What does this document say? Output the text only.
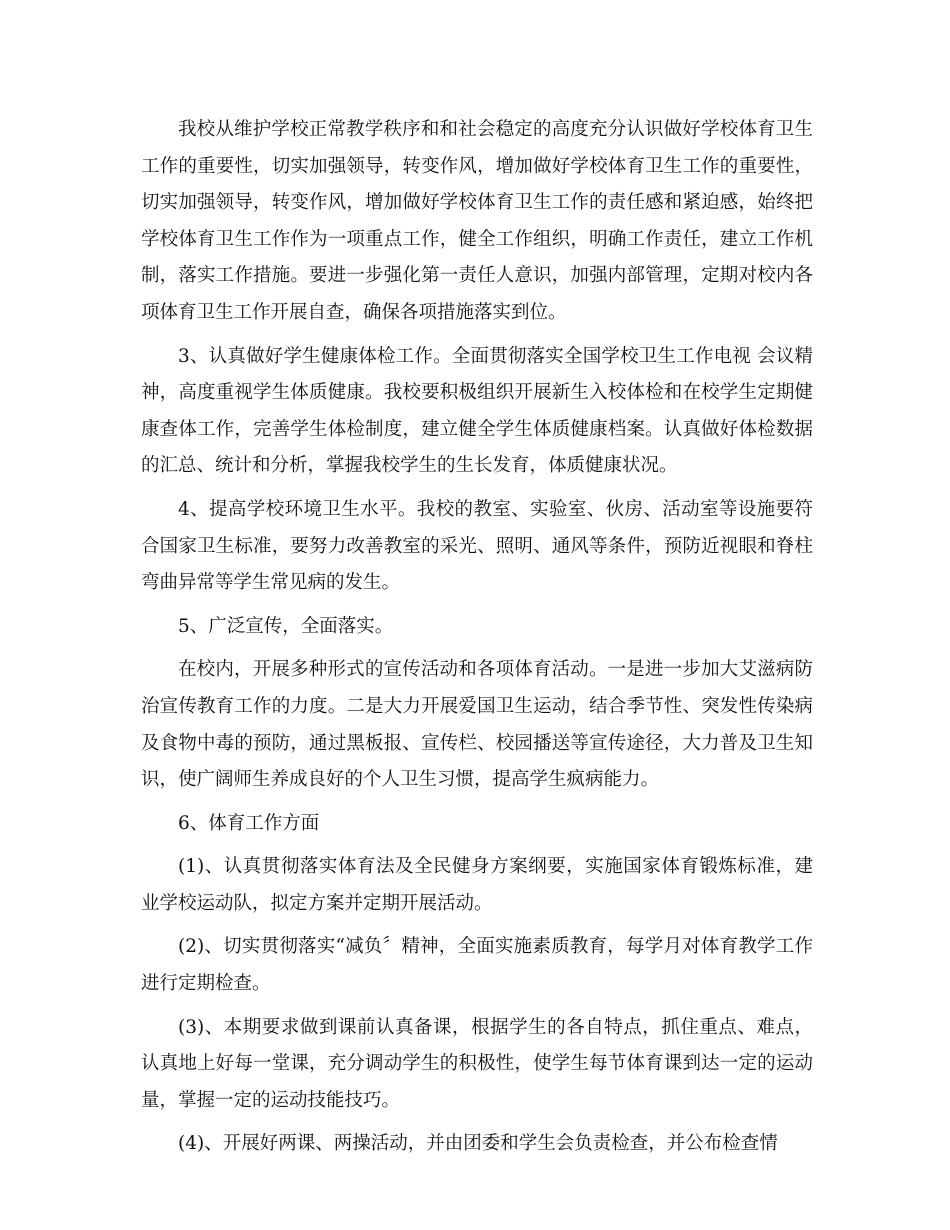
我校从维护学校正常教学秩序和和社会稳定的高度充分认识做好学校体育卫生工作的重要性，切实加强领导，转变作风，增加做好学校体育卫生工作的重要性，切实加强领导，转变作风，增加做好学校体育卫生工作的责任感和紧迫感，始终把学校体育卫生工作作为一项重点工作，健全工作组织，明确工作责任，建立工作机制，落实工作措施。要进一步强化第一责任人意识，加强内部管理，定期对校内各项体育卫生工作开展自查，确保各项措施落实到位。

3、认真做好学生健康体检工作。全面贯彻落实全国学校卫生工作电视 会议精神，高度重视学生体质健康。我校要积极组织开展新生入校体检和在校学生定期健康查体工作，完善学生体检制度，建立健全学生体质健康档案。认真做好体检数据的汇总、统计和分析，掌握我校学生的生长发育，体质健康状况。

4、提高学校环境卫生水平。我校的教室、实验室、伙房、活动室等设施要符合国家卫生标准，要努力改善教室的采光、照明、通风等条件，预防近视眼和脊柱弯曲异常等学生常见病的发生。

5、广泛宣传，全面落实。

在校内，开展多种形式的宣传活动和各项体育活动。一是进一步加大艾滋病防治宣传教育工作的力度。二是大力开展爱国卫生运动，结合季节性、突发性传染病及食物中毒的预防，通过黑板报、宣传栏、校园播送等宣传途径，大力普及卫生知识，使广阔师生养成良好的个人卫生习惯，提高学生疯病能力。

6、体育工作方面

(1)、认真贯彻落实体育法及全民健身方案纲要，实施国家体育锻炼标准，建业学校运动队，拟定方案并定期开展活动。

(2)、切实贯彻落实“减负〞精神，全面实施素质教育，每学月对体育教学工作进行定期检查。

(3)、本期要求做到课前认真备课，根据学生的各自特点，抓住重点、难点，认真地上好每一堂课，充分调动学生的积极性，使学生每节体育课到达一定的运动量，掌握一定的运动技能技巧。

(4)、开展好两课、两操活动，并由团委和学生会负责检查，并公布检查情
